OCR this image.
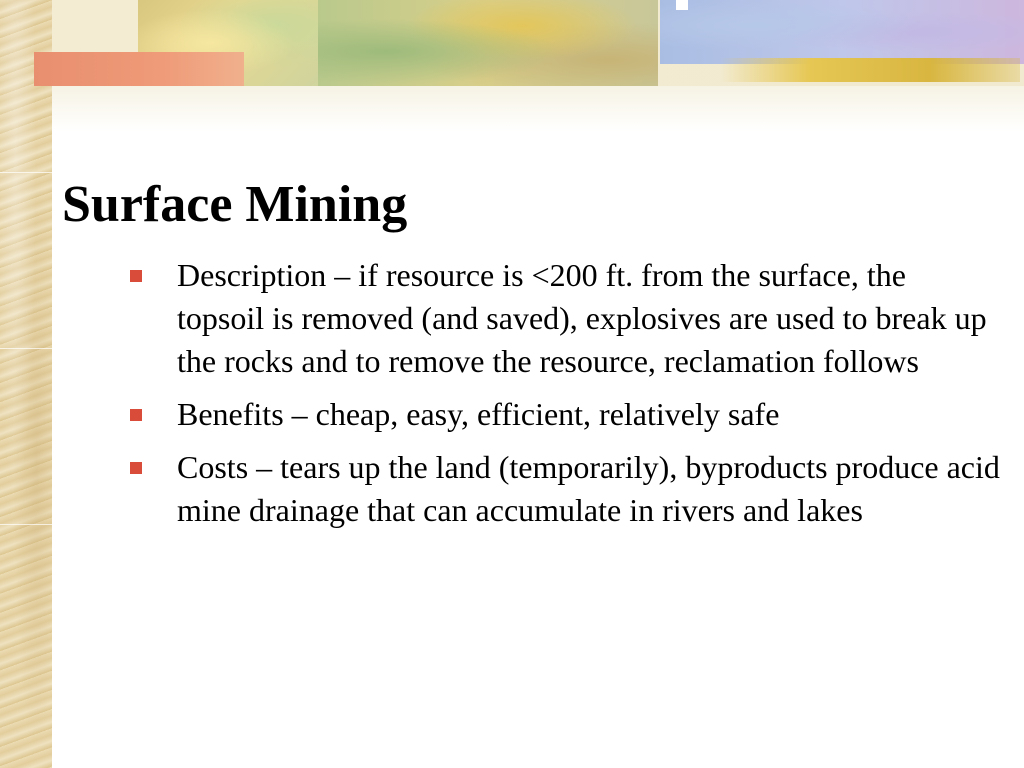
Surface Mining
Description – if resource is <200 ft. from the surface, the topsoil is removed (and saved), explosives are used to break up the rocks and to remove the resource, reclamation follows
Benefits – cheap, easy, efficient, relatively safe
Costs – tears up the land (temporarily), byproducts produce acid mine drainage that can accumulate in rivers and lakes
